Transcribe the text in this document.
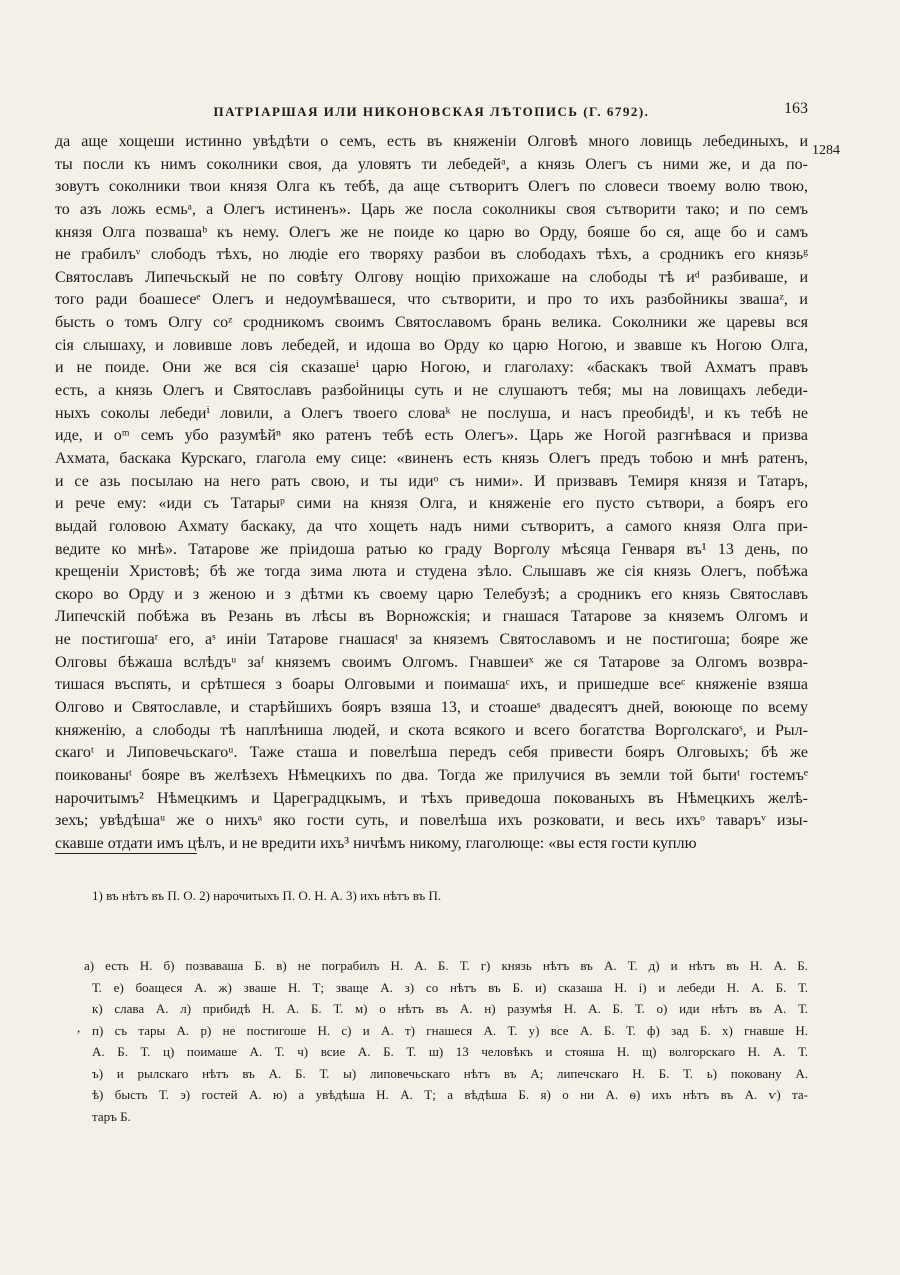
ПАТРІАРШАЯ ИЛИ НИКОНОВСКАЯ ЛѢТОПИСЬ (Г. 6792).	163
1284
да аще хощеши истинно увѣдѣти о семъ, есть въ княженіи Олговѣ много ловищь лебединыхъ, и
ты посли къ нимъ соколники своя, да уловятъ ти лебедейᵃ, а князь Олегъ съ ними же, и да по-
зовутъ соколники твои князя Олга къ тебѣ, да аще сътворитъ Олегъ по словеси твоему волю твою,
то азъ ложь есмьᵃ, а Олегъ истиненъ». Царь же посла соколникы своя сътворити тако; и по семъ
князя Олга позвашаᵇ къ нему. Олегъ же не поиде ко царю во Орду, бояше бо ся, аще бо и самъ
не грабилъᵛ слободъ тѣхъ, но людіе его творяху разбои въ слободахъ тѣхъ, а сродникъ его князьᵍ
Святославъ Липечьскый не по совѣту Олгову нощію прихожаше на слободы тѣ иᵈ разбиваше, и
того ради боашесеᵉ Олегъ и недоумѣвашеся, что сътворити, и про то ихъ разбойникы звашаᶻ, и
бысть о томъ Олгу соᶻ сродникомъ своимъ Святославомъ брань велика. Соколники же царевы вся
сія слышаху, и ловивше ловъ лебедей, и идоша во Орду ко царю Ногою, и звавше къ Ногою Олга,
и не поиде. Они же вся сія сказашеⁱ царю Ногою, и глаголаху: «баскакъ твой Ахматъ правъ
есть, а князь Олегъ и Святославъ разбойницы суть и не слушаютъ тебя; мы на ловищахъ лебеди-
ныхъ соколы лебедиⁱ ловили, а Олегъ твоего словаᵏ не послуша, и насъ преобидѣˡ, и къ тебѣ не
иде, и оᵐ семъ убо разумѣйⁿ яко ратенъ тебѣ есть Олегъ». Царь же Ногой разгнѣвася и призва
Ахмата, баскака Курскаго, глагола ему сице: «виненъ есть князь Олегъ предъ тобою и мнѣ ратенъ,
и се азь посылаю на него рать свою, и ты идиᵒ съ ними». И призвавъ Темиря князя и Татаръ,
и рече ему: «иди съ Татарыᵖ сими на князя Олга, и княженіе его пусто сътвори, а бояръ его
выдай головою Ахмату баскаку, да что хощеть надъ ними сътворитъ, а самого князя Олга при-
ведите ко мнѣ». Татарове же пріидоша ратью ко граду Ворголу мѣсяца Генваря въ¹ 13 день, по
крещеніи Христовѣ; бѣ же тогда зима люта и студена зѣло. Слышавъ же сія князь Олегъ, побѣжа
скоро во Орду и з женою и з дѣтми къ своему царю Телебузѣ; а сродникъ его князь Святославъ
Липечскій побѣжа въ Резань въ лѣсы въ Ворножскія; и гнашася Татарове за княземъ Олгомъ и
не постигошаʳ его, аˢ иніи Татарове гнашасяᵗ за княземъ Святославомъ и не постигоша; бояре же
Олговы бѣжаша вслѣдъᵘ заᶠ княземъ своимъ Олгомъ. Гнавшеиˣ же ся Татарове за Олгомъ возвра-
тишася въспять, и срѣтшеся з боары Олговыми и поимашаᶜ ихъ, и пришедше всеᶜ княженіе взяша
Олгово и Святославле, и старѣйшихъ бояръ взяша 13, и стоашеˢ двадесятъ дней, воюющe по всему
княженію, а слободы тѣ наплѣниша людей, и скота всякого и всего богатства Ворголскагоˢ, и Рыл-
скагоᵗ и Липовечьскагоᵘ. Таже сташа и повелѣша передъ себя привести бояръ Олговыхъ; бѣ же
поикованыᵗ бояре въ желѣзехъ Нѣмецкихъ по два. Тогда же прилучися въ земли той бытиᵗ гостемъᵉ
нарочитымъ² Нѣмецкимъ и Цареградцкымъ, и тѣхъ приведоша покованыхъ въ Нѣмецкихъ желѣ-
зехъ; увѣдѣшаᵘ же о нихъᵃ яко гости суть, и повелѣша ихъ розковати, и весь ихъᵒ таваръᵛ изы-
скавше отдати имъ цѣлъ, и не вредити ихъ³ ничѣмъ никому, глаголюще: «вы естя гости куплю
1) въ нѣтъ въ П. О. 2) нарочитыхъ П. О. Н. А. 3) ихъ нѣтъ въ П.
,
а) есть Н. б) позваваша Б. в) не пограбилъ Н. А. Б. Т. г) князь нѣтъ въ А. Т. д) и нѣтъ въ Н. А. Б.
Т. е) боащеся А. ж) зваше Н. Т; зваще А. з) со нѣтъ въ Б. и) сказаша Н. і) и лебеди Н. А. Б. Т.
к) слава А. л) прибидѣ Н. А. Б. Т. м) о нѣтъ въ А. н) разумѣя Н. А. Б. Т. о) иди нѣтъ въ А. Т.
п) съ тары А. р) не постигоше Н. с) и А. т) гнашеся А. Т. у) все А. Б. Т. ф) зад Б. х) гнавше Н.
А. Б. Т. ц) поимаше А. Т. ч) всие А. Б. Т. ш) 13 человѣкъ и стояша Н. щ) волгорскаго Н. А. Т.
ъ) и рылскаго нѣтъ въ А. Б. Т. ы) липовечьскаго нѣтъ въ А; липечскаго Н. Б. Т. ь) покованy А.
ѣ) бысть Т. э) гостей А. ю) а увѣдѣша Н. А. Т; а вѣдѣша Б. я) о ни А. ѳ) ихъ нѣтъ въ А. ѵ) та-
таръ Б.
